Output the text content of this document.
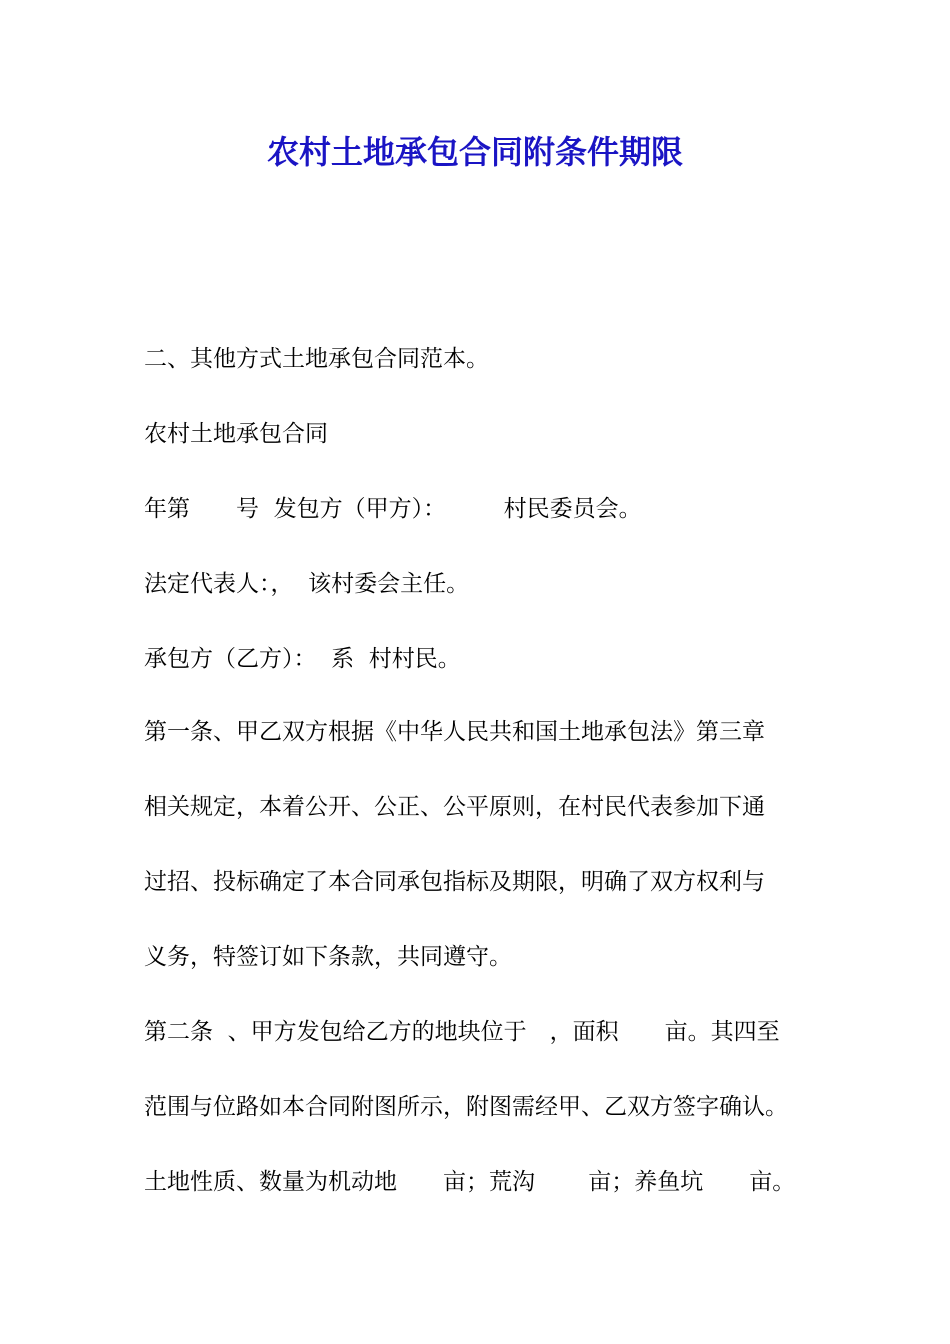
农村土地承包合同附条件期限
二、其他方式土地承包合同范本。
农村土地承包合同
年第　　号  发包方（甲方）：　　　村民委员会。
法定代表人：，  该村委会主任。
承包方（乙方）：  系  村村民。
第一条、甲乙双方根据《中华人民共和国土地承包法》第三章
相关规定，本着公开、公正、公平原则，在村民代表参加下通
过招、投标确定了本合同承包指标及期限，明确了双方权利与
义务，特签订如下条款，共同遵守。
第二条  、甲方发包给乙方的地块位于　，面积　　亩。其四至
范围与位路如本合同附图所示，附图需经甲、乙双方签字确认。
土地性质、数量为机动地　　亩；荒沟　　 亩；养鱼坑　　亩。
